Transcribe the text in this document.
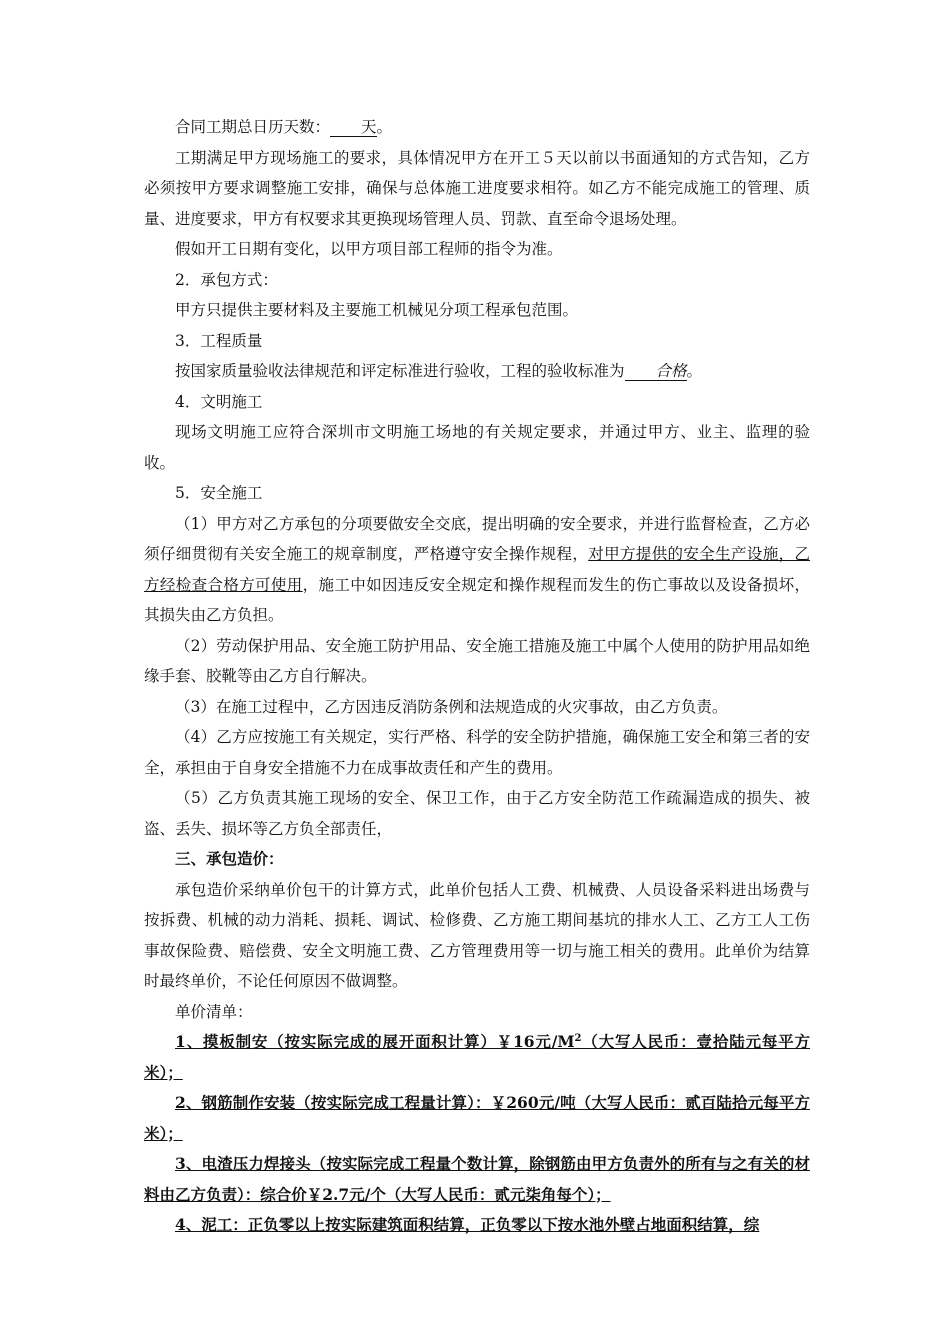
合同工期总日历天数： 天。

工期满足甲方现场施工的要求，具体情况甲方在开工５天以前以书面通知的方式告知，乙方必须按甲方要求调整施工安排，确保与总体施工进度要求相符。如乙方不能完成施工的管理、质量、进度要求，甲方有权要求其更换现场管理人员、罚款、直至命令退场处理。

假如开工日期有变化，以甲方项目部工程师的指令为准。

2．承包方式：

甲方只提供主要材料及主要施工机械见分项工程承包范围。

3．工程质量

按国家质量验收法律规范和评定标准进行验收，工程的验收标准为 合格。

4．文明施工

现场文明施工应符合深圳市文明施工场地的有关规定要求，并通过甲方、业主、监理的验收。

5．安全施工

（1）甲方对乙方承包的分项要做安全交底，提出明确的安全要求，并进行监督检查，乙方必须仔细贯彻有关安全施工的规章制度，严格遵守安全操作规程，对甲方提供的安全生产设施，乙方经检查合格方可使用，施工中如因违反安全规定和操作规程而发生的伤亡事故以及设备损坏，其损失由乙方负担。

（2）劳动保护用品、安全施工防护用品、安全施工措施及施工中属个人使用的防护用品如绝缘手套、胶靴等由乙方自行解决。

（3）在施工过程中，乙方因违反消防条例和法规造成的火灾事故，由乙方负责。

（4）乙方应按施工有关规定，实行严格、科学的安全防护措施，确保施工安全和第三者的安全，承担由于自身安全措施不力在成事故责任和产生的费用。

（5）乙方负责其施工现场的安全、保卫工作，由于乙方安全防范工作疏漏造成的损失、被盗、丢失、损坏等乙方负全部责任，

三、承包造价：

承包造价采纳单价包干的计算方式，此单价包括人工费、机械费、人员设备采料进出场费与按拆费、机械的动力消耗、损耗、调试、检修费、乙方施工期间基坑的排水人工、乙方工人工伤事故保险费、赔偿费、安全文明施工费、乙方管理费用等一切与施工相关的费用。此单价为结算时最终单价，不论任何原因不做调整。

单价清单：

1、摸板制安（按实际完成的展开面积计算）￥16元$/M^2$（大写人民币：壹拾陆元每平方米）；

2、钢筋制作安装（按实际完成工程量计算）：￥260元/吨（大写人民币：贰百陆拾元每平方米）；

3、电渣压力焊接头（按实际完成工程量个数计算，除钢筋由甲方负责外的所有与之有关的材料由乙方负责）：综合价￥2.7元/个（大写人民币：贰元柒角每个）；

4、泥工：正负零以上按实际建筑面积结算，正负零以下按水池外壁占地面积结算，综
